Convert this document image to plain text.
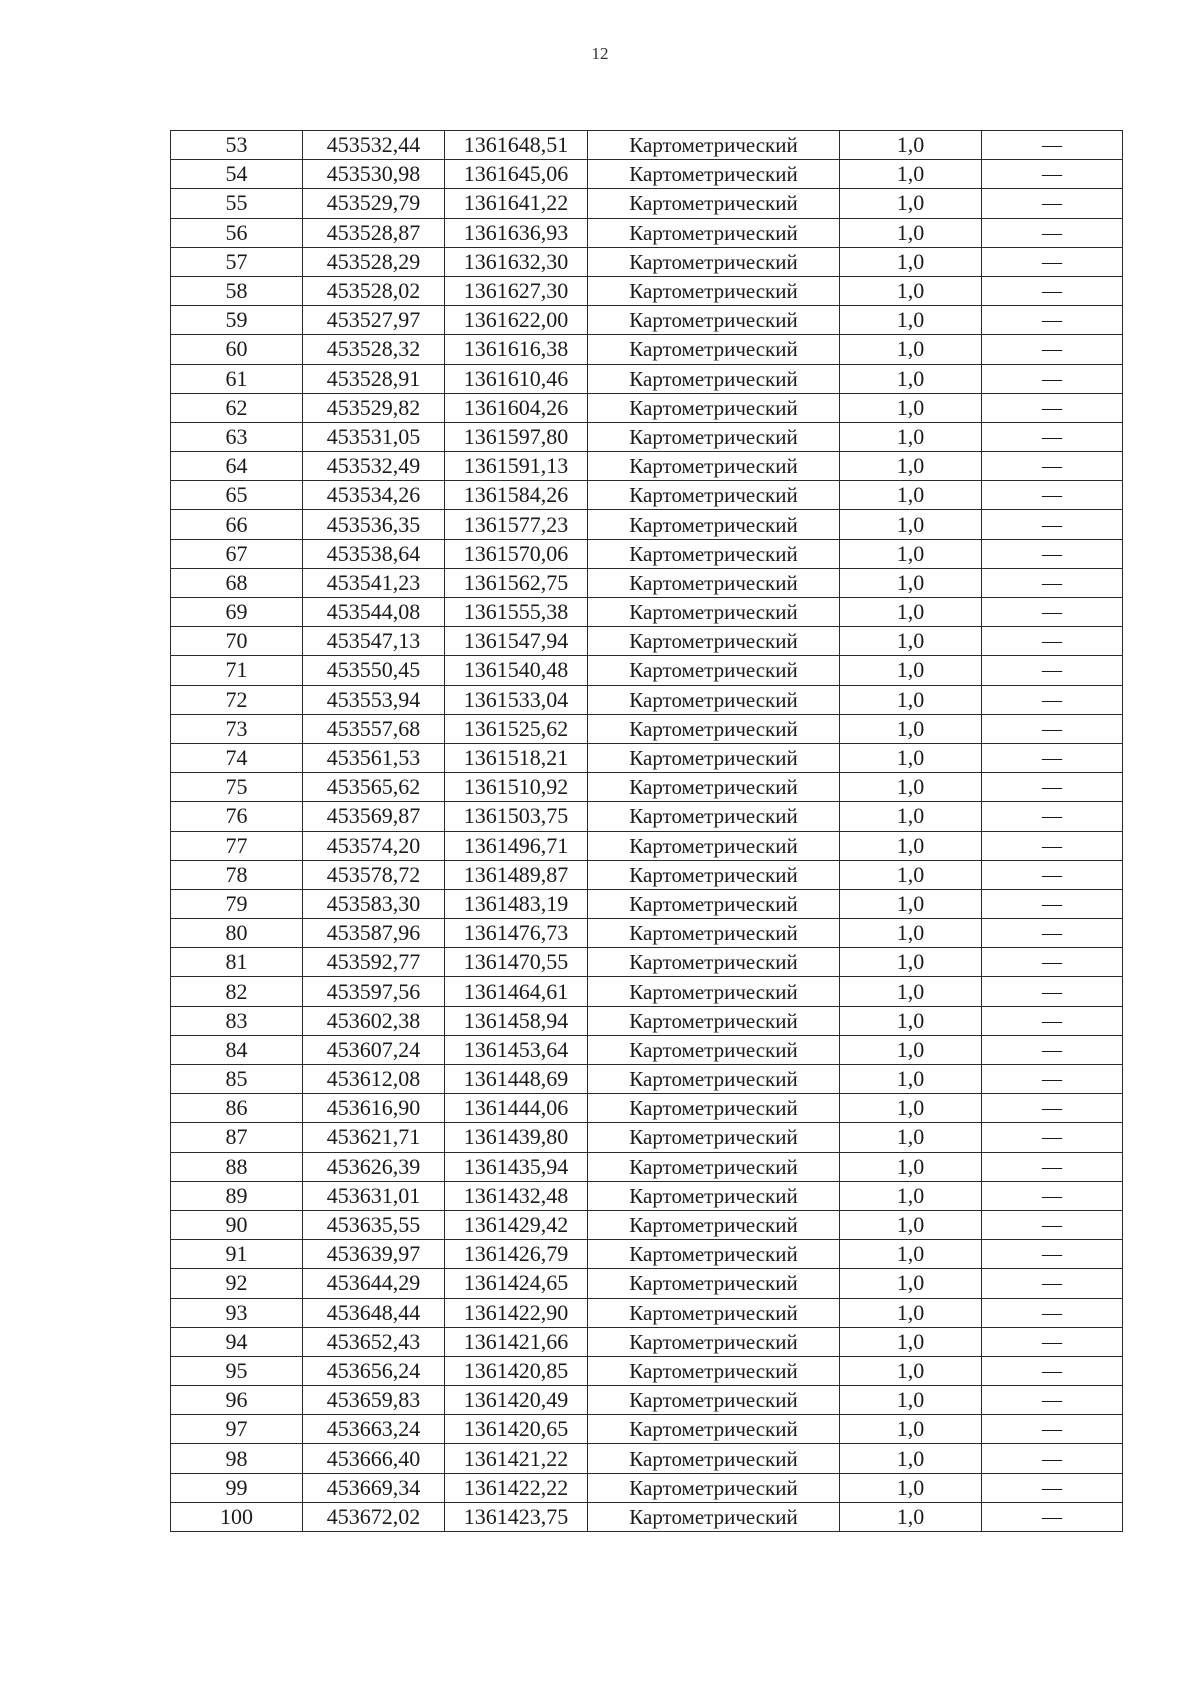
12
53	453532,44	1361648,51	Картометрический	1,0	—
54	453530,98	1361645,06	Картометрический	1,0	—
55	453529,79	1361641,22	Картометрический	1,0	—
56	453528,87	1361636,93	Картометрический	1,0	—
57	453528,29	1361632,30	Картометрический	1,0	—
58	453528,02	1361627,30	Картометрический	1,0	—
59	453527,97	1361622,00	Картометрический	1,0	—
60	453528,32	1361616,38	Картометрический	1,0	—
61	453528,91	1361610,46	Картометрический	1,0	—
62	453529,82	1361604,26	Картометрический	1,0	—
63	453531,05	1361597,80	Картометрический	1,0	—
64	453532,49	1361591,13	Картометрический	1,0	—
65	453534,26	1361584,26	Картометрический	1,0	—
66	453536,35	1361577,23	Картометрический	1,0	—
67	453538,64	1361570,06	Картометрический	1,0	—
68	453541,23	1361562,75	Картометрический	1,0	—
69	453544,08	1361555,38	Картометрический	1,0	—
70	453547,13	1361547,94	Картометрический	1,0	—
71	453550,45	1361540,48	Картометрический	1,0	—
72	453553,94	1361533,04	Картометрический	1,0	—
73	453557,68	1361525,62	Картометрический	1,0	—
74	453561,53	1361518,21	Картометрический	1,0	—
75	453565,62	1361510,92	Картометрический	1,0	—
76	453569,87	1361503,75	Картометрический	1,0	—
77	453574,20	1361496,71	Картометрический	1,0	—
78	453578,72	1361489,87	Картометрический	1,0	—
79	453583,30	1361483,19	Картометрический	1,0	—
80	453587,96	1361476,73	Картометрический	1,0	—
81	453592,77	1361470,55	Картометрический	1,0	—
82	453597,56	1361464,61	Картометрический	1,0	—
83	453602,38	1361458,94	Картометрический	1,0	—
84	453607,24	1361453,64	Картометрический	1,0	—
85	453612,08	1361448,69	Картометрический	1,0	—
86	453616,90	1361444,06	Картометрический	1,0	—
87	453621,71	1361439,80	Картометрический	1,0	—
88	453626,39	1361435,94	Картометрический	1,0	—
89	453631,01	1361432,48	Картометрический	1,0	—
90	453635,55	1361429,42	Картометрический	1,0	—
91	453639,97	1361426,79	Картометрический	1,0	—
92	453644,29	1361424,65	Картометрический	1,0	—
93	453648,44	1361422,90	Картометрический	1,0	—
94	453652,43	1361421,66	Картометрический	1,0	—
95	453656,24	1361420,85	Картометрический	1,0	—
96	453659,83	1361420,49	Картометрический	1,0	—
97	453663,24	1361420,65	Картометрический	1,0	—
98	453666,40	1361421,22	Картометрический	1,0	—
99	453669,34	1361422,22	Картометрический	1,0	—
100	453672,02	1361423,75	Картометрический	1,0	—
